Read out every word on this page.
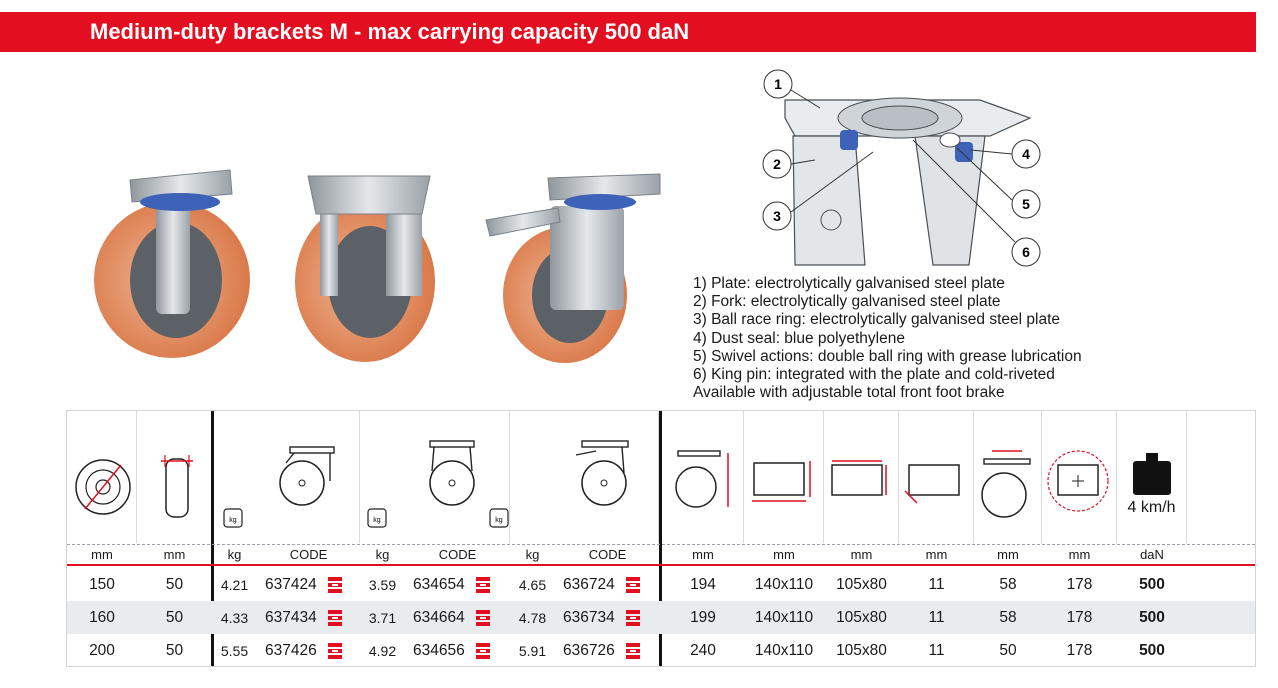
Medium-duty brackets M - max carrying capacity 500 daN
1
2
3
4
5
6
1) Plate: electrolytically galvanised steel plate
2) Fork: electrolytically galvanised steel plate
3) Ball race ring: electrolytically galvanised steel plate
4) Dust seal: blue polyethylene
5) Swivel actions: double ball ring with grease lubrication
6) King pin: integrated with the plate and cold-riveted
Available with adjustable total front foot brake
kg	kg	kg
4 km/h
mm	mm	kg	CODE	kg	CODE	kg	CODE	mm	mm	mm	mm	mm	mm	daN
150	50	4.21	637424	3.59	634654	4.65	636724	194	140x110	105x80	11	58	178	500
160	50	4.33	637434	3.71	634664	4.78	636734	199	140x110	105x80	11	58	178	500
200	50	5.55	637426	4.92	634656	5.91	636726	240	140x110	105x80	11	50	178	500
